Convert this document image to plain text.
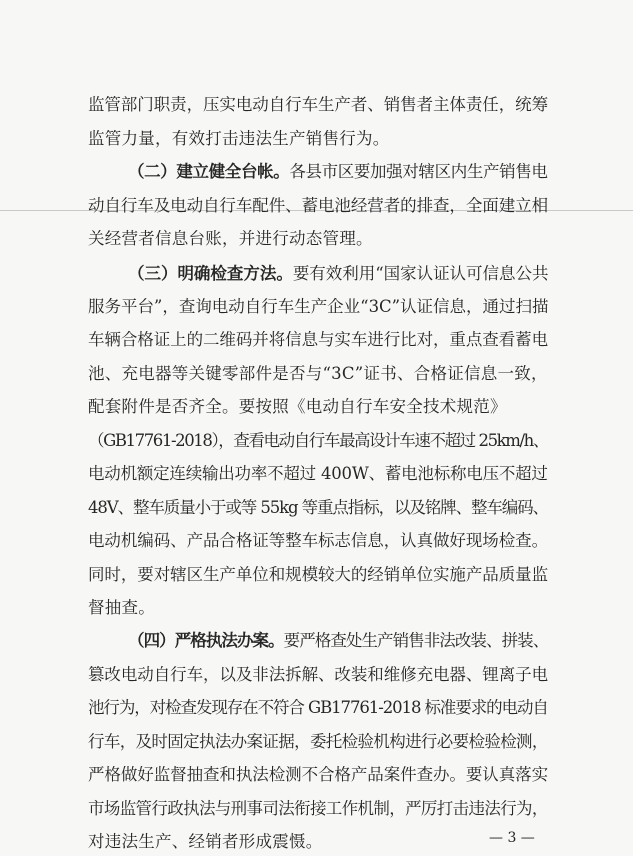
监管部门职责，压实电动自行车生产者、销售者主体责任，统筹
监管力量，有效打击违法生产销售行为。
（二）建立健全台帐。各县市区要加强对辖区内生产销售电
动自行车及电动自行车配件、蓄电池经营者的排查，全面建立相
关经营者信息台账，并进行动态管理。
（三）明确检查方法。要有效利用“国家认证认可信息公共
服务平台”，查询电动自行车生产企业“3C”认证信息，通过扫描
车辆合格证上的二维码并将信息与实车进行比对，重点查看蓄电
池、充电器等关键零部件是否与“3C”证书、合格证信息一致，
配套附件是否齐全。要按照《电动自行车安全技术规范》
（GB17761-2018），查看电动自行车最高设计车速不超过 25km/h、
电动机额定连续输出功率不超过 400W、蓄电池标称电压不超过
48V、整车质量小于或等 55kg 等重点指标，以及铭牌、整车编码、
电动机编码、产品合格证等整车标志信息，认真做好现场检查。
同时，要对辖区生产单位和规模较大的经销单位实施产品质量监
督抽查。
（四）严格执法办案。要严格查处生产销售非法改装、拼装、
篡改电动自行车，以及非法拆解、改装和维修充电器、锂离子电
池行为，对检查发现存在不符合 GB17761-2018 标准要求的电动自
行车，及时固定执法办案证据，委托检验机构进行必要检验检测，
严格做好监督抽查和执法检测不合格产品案件查办。要认真落实
市场监管行政执法与刑事司法衔接工作机制，严厉打击违法行为，
对违法生产、经销者形成震慑。	— 3 —
